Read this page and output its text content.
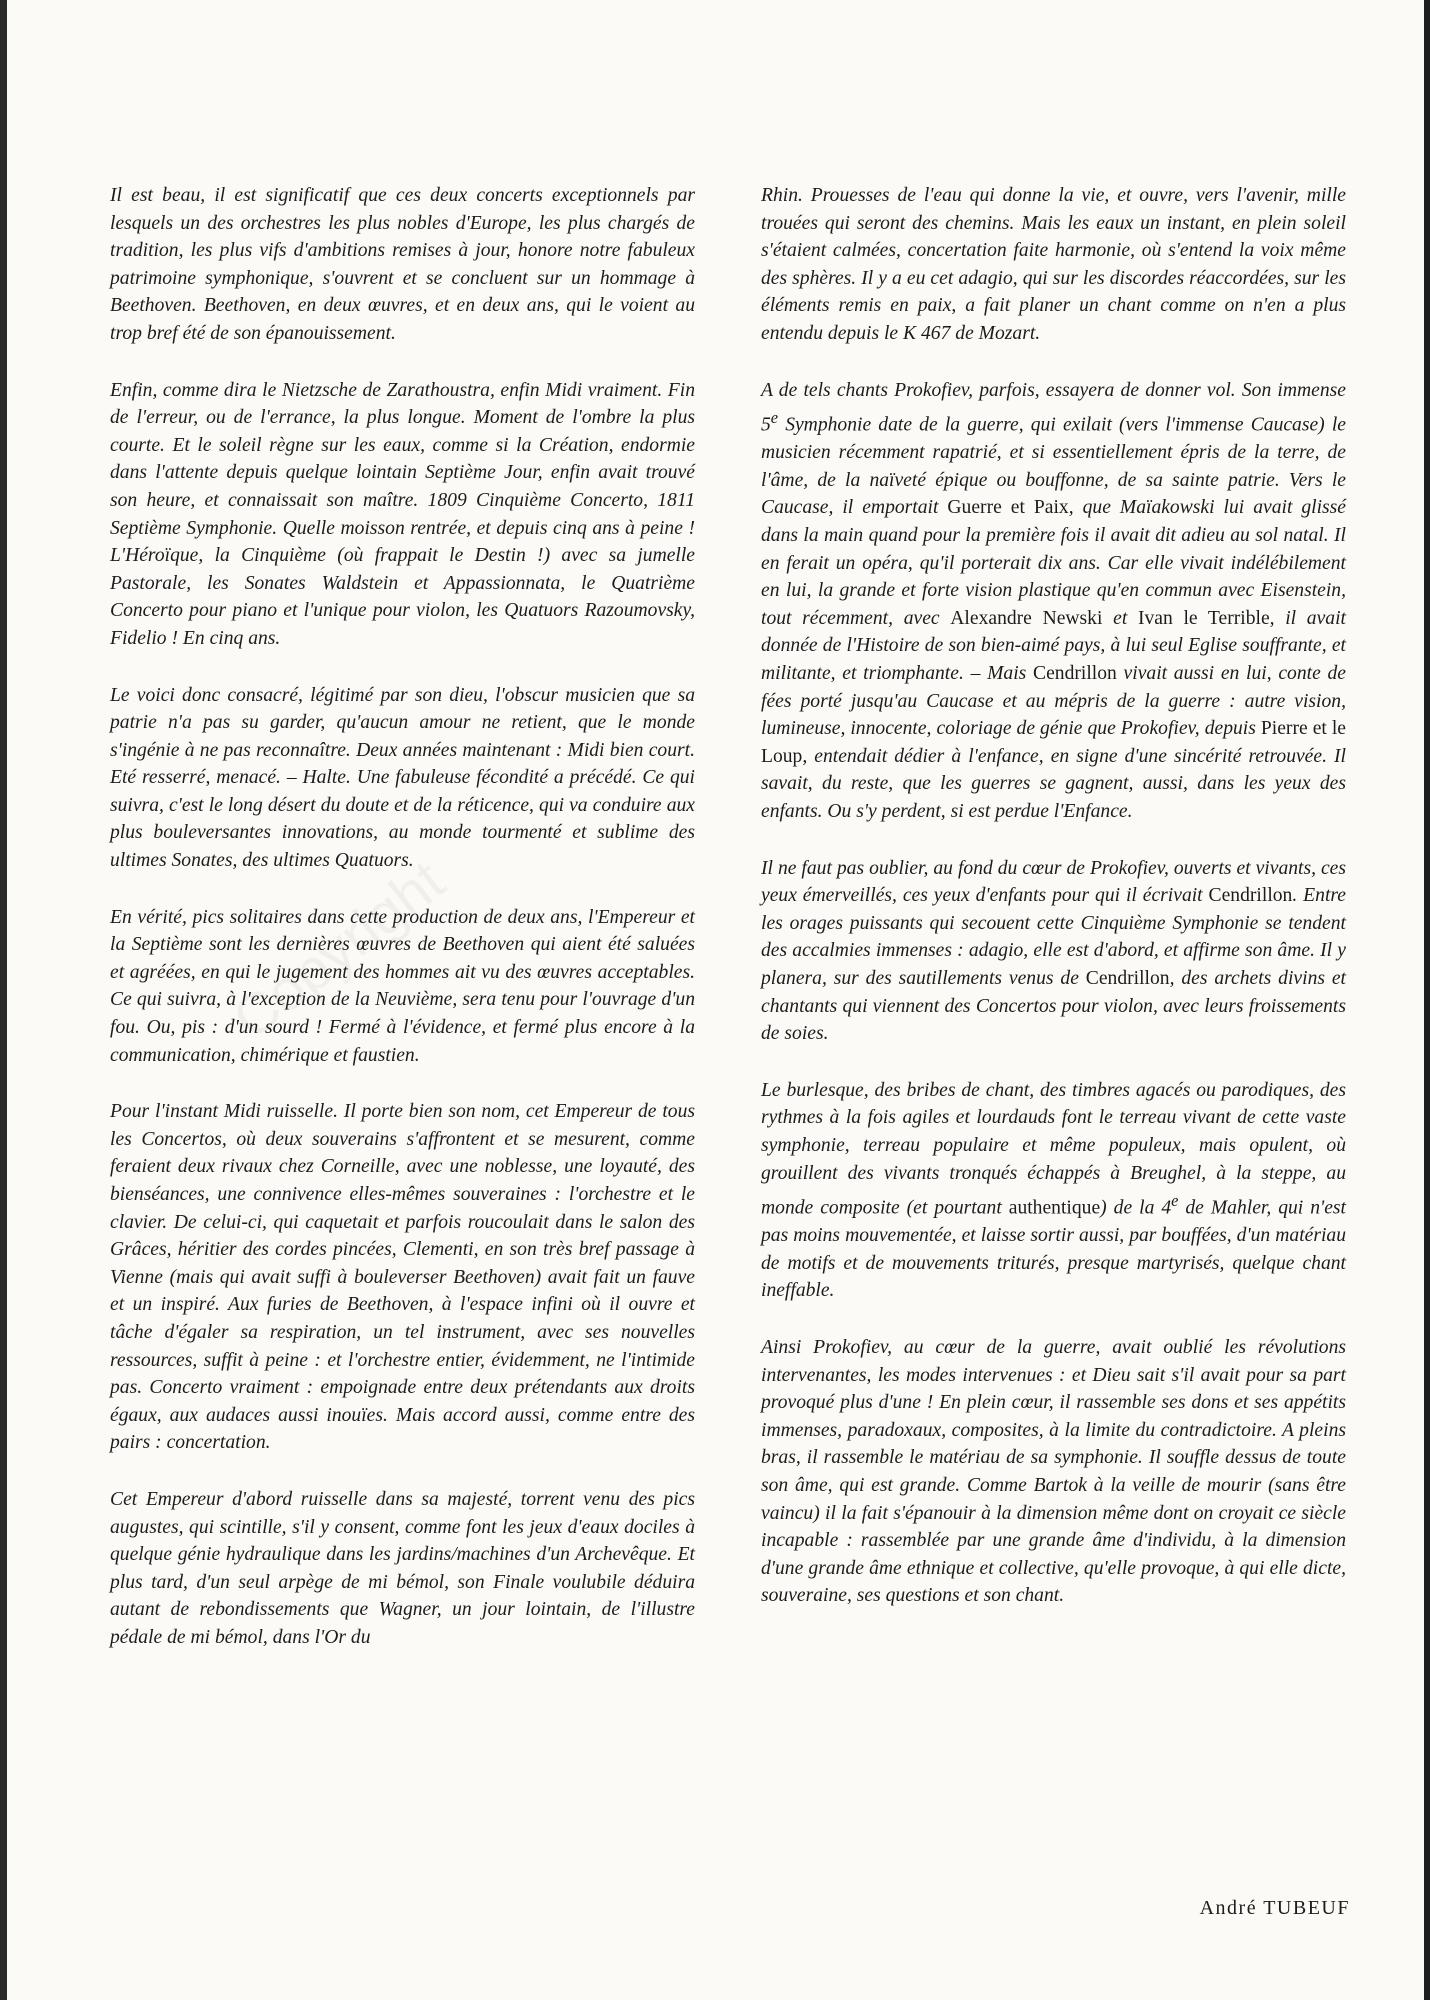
Il est beau, il est significatif que ces deux concerts exceptionnels par lesquels un des orchestres les plus nobles d'Europe, les plus chargés de tradition, les plus vifs d'ambitions remises à jour, honore notre fabuleux patrimoine symphonique, s'ouvrent et se concluent sur un hommage à Beethoven. Beethoven, en deux œuvres, et en deux ans, qui le voient au trop bref été de son épanouissement.

Enfin, comme dira le Nietzsche de Zarathoustra, enfin Midi vraiment. Fin de l'erreur, ou de l'errance, la plus longue. Moment de l'ombre la plus courte. Et le soleil règne sur les eaux, comme si la Création, endormie dans l'attente depuis quelque lointain Septième Jour, enfin avait trouvé son heure, et connaissait son maître. 1809 Cinquième Concerto, 1811 Septième Symphonie. Quelle moisson rentrée, et depuis cinq ans à peine ! L'Héroïque, la Cinquième (où frappait le Destin !) avec sa jumelle Pastorale, les Sonates Waldstein et Appassionnata, le Quatrième Concerto pour piano et l'unique pour violon, les Quatuors Razoumovsky, Fidelio ! En cinq ans.

Le voici donc consacré, légitimé par son dieu, l'obscur musicien que sa patrie n'a pas su garder, qu'aucun amour ne retient, que le monde s'ingénie à ne pas reconnaître. Deux années maintenant : Midi bien court. Eté resserré, menacé. – Halte. Une fabuleuse fécondité a précédé. Ce qui suivra, c'est le long désert du doute et de la réticence, qui va conduire aux plus bouleversantes innovations, au monde tourmenté et sublime des ultimes Sonates, des ultimes Quatuors.

En vérité, pics solitaires dans cette production de deux ans, l'Empereur et la Septième sont les dernières œuvres de Beethoven qui aient été saluées et agréées, en qui le jugement des hommes ait vu des œuvres acceptables. Ce qui suivra, à l'exception de la Neuvième, sera tenu pour l'ouvrage d'un fou. Ou, pis : d'un sourd ! Fermé à l'évidence, et fermé plus encore à la communication, chimérique et faustien.

Pour l'instant Midi ruisselle. Il porte bien son nom, cet Empereur de tous les Concertos, où deux souverains s'affrontent et se mesurent, comme feraient deux rivaux chez Corneille, avec une noblesse, une loyauté, des bienséances, une connivence elles-mêmes souveraines : l'orchestre et le clavier. De celui-ci, qui caquetait et parfois roucoulait dans le salon des Grâces, héritier des cordes pincées, Clementi, en son très bref passage à Vienne (mais qui avait suffi à bouleverser Beethoven) avait fait un fauve et un inspiré. Aux furies de Beethoven, à l'espace infini où il ouvre et tâche d'égaler sa respiration, un tel instrument, avec ses nouvelles ressources, suffit à peine : et l'orchestre entier, évidemment, ne l'intimide pas. Concerto vraiment : empoignade entre deux prétendants aux droits égaux, aux audaces aussi inouïes. Mais accord aussi, comme entre des pairs : concertation.

Cet Empereur d'abord ruisselle dans sa majesté, torrent venu des pics augustes, qui scintille, s'il y consent, comme font les jeux d'eaux dociles à quelque génie hydraulique dans les jardins/machines d'un Archevêque. Et plus tard, d'un seul arpège de mi bémol, son Finale voulubile déduira autant de rebondissements que Wagner, un jour lointain, de l'illustre pédale de mi bémol, dans l'Or du

Rhin. Prouesses de l'eau qui donne la vie, et ouvre, vers l'avenir, mille trouées qui seront des chemins. Mais les eaux un instant, en plein soleil s'étaient calmées, concertation faite harmonie, où s'entend la voix même des sphères. Il y a eu cet adagio, qui sur les discordes réaccordées, sur les éléments remis en paix, a fait planer un chant comme on n'en a plus entendu depuis le K 467 de Mozart.

A de tels chants Prokofiev, parfois, essayera de donner vol. Son immense 5e Symphonie date de la guerre, qui exilait (vers l'immense Caucase) le musicien récemment rapatrié, et si essentiellement épris de la terre, de l'âme, de la naïveté épique ou bouffonne, de sa sainte patrie. Vers le Caucase, il emportait Guerre et Paix, que Maïakowski lui avait glissé dans la main quand pour la première fois il avait dit adieu au sol natal. Il en ferait un opéra, qu'il porterait dix ans. Car elle vivait indélébilement en lui, la grande et forte vision plastique qu'en commun avec Eisenstein, tout récemment, avec Alexandre Newski et Ivan le Terrible, il avait donnée de l'Histoire de son bien-aimé pays, à lui seul Eglise souffrante, et militante, et triomphante. – Mais Cendrillon vivait aussi en lui, conte de fées porté jusqu'au Caucase et au mépris de la guerre : autre vision, lumineuse, innocente, coloriage de génie que Prokofiev, depuis Pierre et le Loup, entendait dédier à l'enfance, en signe d'une sincérité retrouvée. Il savait, du reste, que les guerres se gagnent, aussi, dans les yeux des enfants. Ou s'y perdent, si est perdue l'Enfance.

Il ne faut pas oublier, au fond du cœur de Prokofiev, ouverts et vivants, ces yeux émerveillés, ces yeux d'enfants pour qui il écrivait Cendrillon. Entre les orages puissants qui secouent cette Cinquième Symphonie se tendent des accalmies immenses : adagio, elle est d'abord, et affirme son âme. Il y planera, sur des sautillements venus de Cendrillon, des archets divins et chantants qui viennent des Concertos pour violon, avec leurs froissements de soies.

Le burlesque, des bribes de chant, des timbres agacés ou parodiques, des rythmes à la fois agiles et lourdauds font le terreau vivant de cette vaste symphonie, terreau populaire et même populeux, mais opulent, où grouillent des vivants tronqués échappés à Breughel, à la steppe, au monde composite (et pourtant authentique) de la 4e de Mahler, qui n'est pas moins mouvementée, et laisse sortir aussi, par bouffées, d'un matériau de motifs et de mouvements triturés, presque martyrisés, quelque chant ineffable.

Ainsi Prokofiev, au cœur de la guerre, avait oublié les révolutions intervenantes, les modes intervenues : et Dieu sait s'il avait pour sa part provoqué plus d'une ! En plein cœur, il rassemble ses dons et ses appétits immenses, paradoxaux, composites, à la limite du contradictoire. A pleins bras, il rassemble le matériau de sa symphonie. Il souffle dessus de toute son âme, qui est grande. Comme Bartok à la veille de mourir (sans être vaincu) il la fait s'épanouir à la dimension même dont on croyait ce siècle incapable : rassemblée par une grande âme d'individu, à la dimension d'une grande âme ethnique et collective, qu'elle provoque, à qui elle dicte, souveraine, ses questions et son chant.

André TUBEUF
